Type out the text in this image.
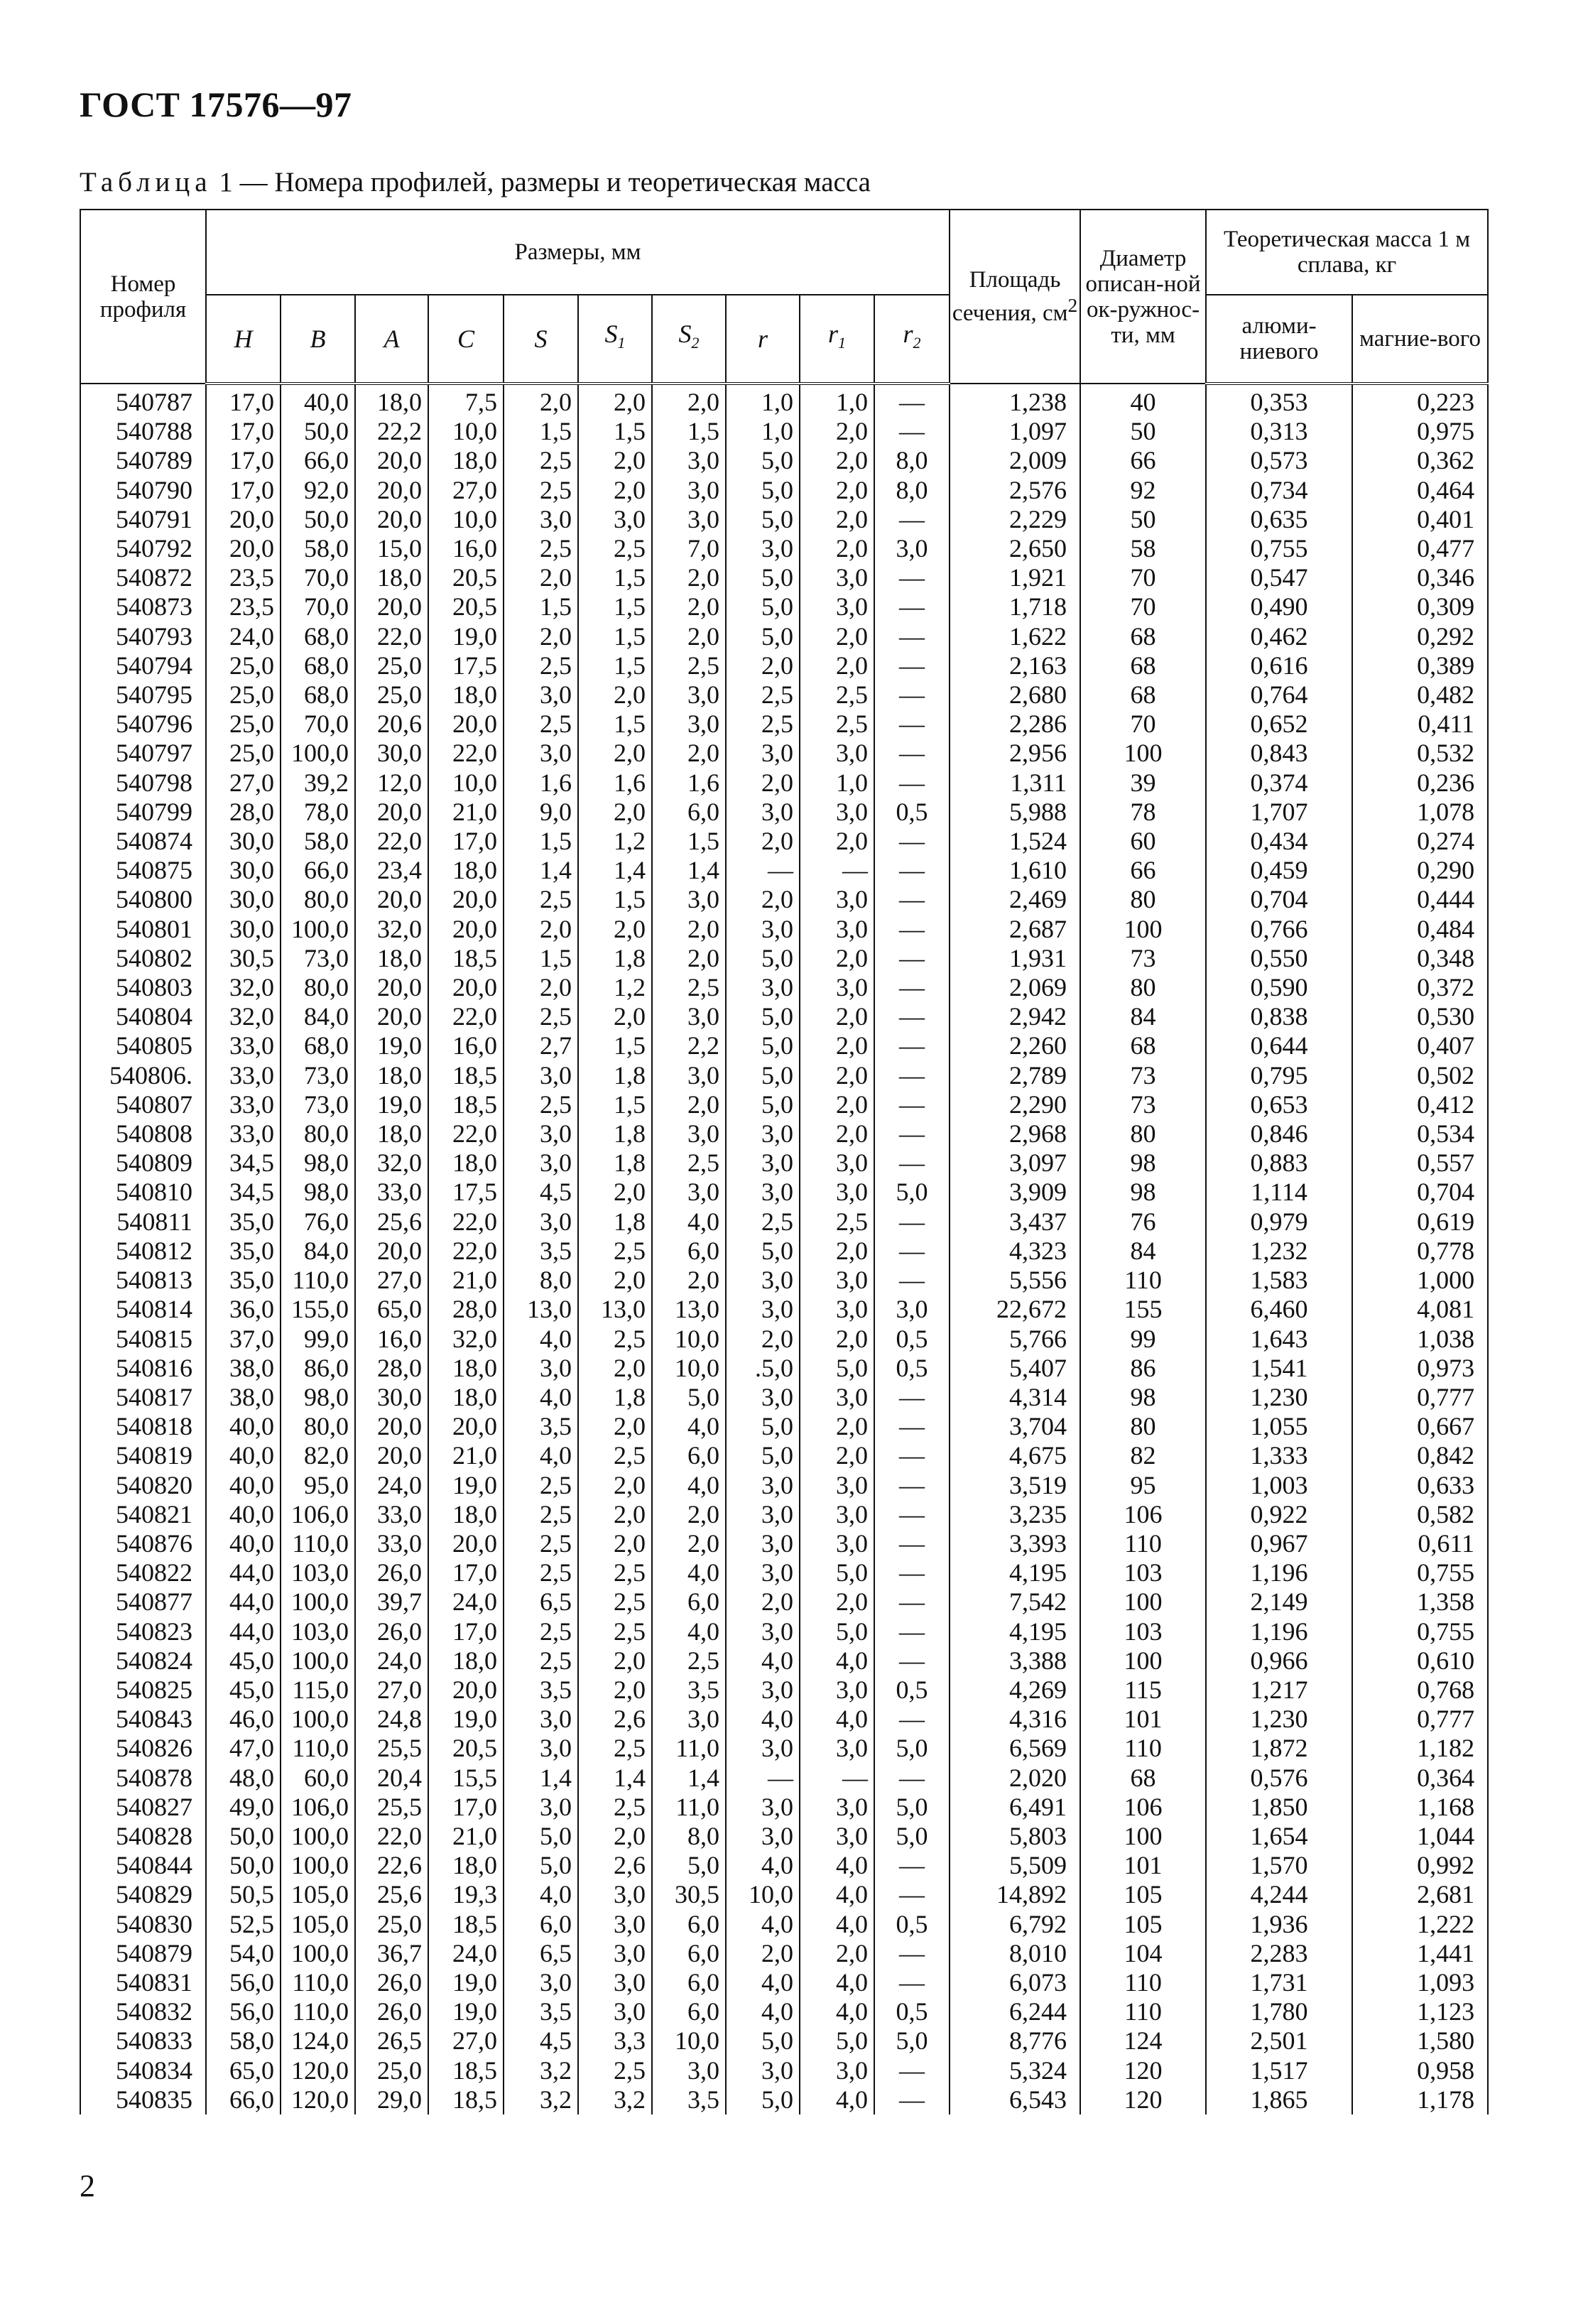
ГОСТ 17576—97
Таблица 1 — Номера профилей, размеры и теоретическая масса
Номер профиля	Размеры, мм										Площадь сечения, $см^2$	Диаметр описан-ной ок-ружнос-ти, мм	Теоретическая масса 1 м сплава, кг	
	H	B	A	C	S	$S_1$	$S_2$	r	$r_1$	$r_2$			алюми-ниевого	магние-вого
540787	17,0	40,0	18,0	7,5	2,0	2,0	2,0	1,0	1,0	—	1,238	40	0,353	0,223
540788	17,0	50,0	22,2	10,0	1,5	1,5	1,5	1,0	2,0	—	1,097	50	0,313	0,975
540789	17,0	66,0	20,0	18,0	2,5	2,0	3,0	5,0	2,0	8,0	2,009	66	0,573	0,362
540790	17,0	92,0	20,0	27,0	2,5	2,0	3,0	5,0	2,0	8,0	2,576	92	0,734	0,464
540791	20,0	50,0	20,0	10,0	3,0	3,0	3,0	5,0	2,0	—	2,229	50	0,635	0,401
540792	20,0	58,0	15,0	16,0	2,5	2,5	7,0	3,0	2,0	3,0	2,650	58	0,755	0,477
540872	23,5	70,0	18,0	20,5	2,0	1,5	2,0	5,0	3,0	—	1,921	70	0,547	0,346
540873	23,5	70,0	20,0	20,5	1,5	1,5	2,0	5,0	3,0	—	1,718	70	0,490	0,309
540793	24,0	68,0	22,0	19,0	2,0	1,5	2,0	5,0	2,0	—	1,622	68	0,462	0,292
540794	25,0	68,0	25,0	17,5	2,5	1,5	2,5	2,0	2,0	—	2,163	68	0,616	0,389
540795	25,0	68,0	25,0	18,0	3,0	2,0	3,0	2,5	2,5	—	2,680	68	0,764	0,482
540796	25,0	70,0	20,6	20,0	2,5	1,5	3,0	2,5	2,5	—	2,286	70	0,652	0,411
540797	25,0	100,0	30,0	22,0	3,0	2,0	2,0	3,0	3,0	—	2,956	100	0,843	0,532
540798	27,0	39,2	12,0	10,0	1,6	1,6	1,6	2,0	1,0	—	1,311	39	0,374	0,236
540799	28,0	78,0	20,0	21,0	9,0	2,0	6,0	3,0	3,0	0,5	5,988	78	1,707	1,078
540874	30,0	58,0	22,0	17,0	1,5	1,2	1,5	2,0	2,0	—	1,524	60	0,434	0,274
540875	30,0	66,0	23,4	18,0	1,4	1,4	1,4	—	—	—	1,610	66	0,459	0,290
540800	30,0	80,0	20,0	20,0	2,5	1,5	3,0	2,0	3,0	—	2,469	80	0,704	0,444
540801	30,0	100,0	32,0	20,0	2,0	2,0	2,0	3,0	3,0	—	2,687	100	0,766	0,484
540802	30,5	73,0	18,0	18,5	1,5	1,8	2,0	5,0	2,0	—	1,931	73	0,550	0,348
540803	32,0	80,0	20,0	20,0	2,0	1,2	2,5	3,0	3,0	—	2,069	80	0,590	0,372
540804	32,0	84,0	20,0	22,0	2,5	2,0	3,0	5,0	2,0	—	2,942	84	0,838	0,530
540805	33,0	68,0	19,0	16,0	2,7	1,5	2,2	5,0	2,0	—	2,260	68	0,644	0,407
540806.	33,0	73,0	18,0	18,5	3,0	1,8	3,0	5,0	2,0	—	2,789	73	0,795	0,502
540807	33,0	73,0	19,0	18,5	2,5	1,5	2,0	5,0	2,0	—	2,290	73	0,653	0,412
540808	33,0	80,0	18,0	22,0	3,0	1,8	3,0	3,0	2,0	—	2,968	80	0,846	0,534
540809	34,5	98,0	32,0	18,0	3,0	1,8	2,5	3,0	3,0	—	3,097	98	0,883	0,557
540810	34,5	98,0	33,0	17,5	4,5	2,0	3,0	3,0	3,0	5,0	3,909	98	1,114	0,704
540811	35,0	76,0	25,6	22,0	3,0	1,8	4,0	2,5	2,5	—	3,437	76	0,979	0,619
540812	35,0	84,0	20,0	22,0	3,5	2,5	6,0	5,0	2,0	—	4,323	84	1,232	0,778
540813	35,0	110,0	27,0	21,0	8,0	2,0	2,0	3,0	3,0	—	5,556	110	1,583	1,000
540814	36,0	155,0	65,0	28,0	13,0	13,0	13,0	3,0	3,0	3,0	22,672	155	6,460	4,081
540815	37,0	99,0	16,0	32,0	4,0	2,5	10,0	2,0	2,0	0,5	5,766	99	1,643	1,038
540816	38,0	86,0	28,0	18,0	3,0	2,0	10,0	.5,0	5,0	0,5	5,407	86	1,541	0,973
540817	38,0	98,0	30,0	18,0	4,0	1,8	5,0	3,0	3,0	—	4,314	98	1,230	0,777
540818	40,0	80,0	20,0	20,0	3,5	2,0	4,0	5,0	2,0	—	3,704	80	1,055	0,667
540819	40,0	82,0	20,0	21,0	4,0	2,5	6,0	5,0	2,0	—	4,675	82	1,333	0,842
540820	40,0	95,0	24,0	19,0	2,5	2,0	4,0	3,0	3,0	—	3,519	95	1,003	0,633
540821	40,0	106,0	33,0	18,0	2,5	2,0	2,0	3,0	3,0	—	3,235	106	0,922	0,582
540876	40,0	110,0	33,0	20,0	2,5	2,0	2,0	3,0	3,0	—	3,393	110	0,967	0,611
540822	44,0	103,0	26,0	17,0	2,5	2,5	4,0	3,0	5,0	—	4,195	103	1,196	0,755
540877	44,0	100,0	39,7	24,0	6,5	2,5	6,0	2,0	2,0	—	7,542	100	2,149	1,358
540823	44,0	103,0	26,0	17,0	2,5	2,5	4,0	3,0	5,0	—	4,195	103	1,196	0,755
540824	45,0	100,0	24,0	18,0	2,5	2,0	2,5	4,0	4,0	—	3,388	100	0,966	0,610
540825	45,0	115,0	27,0	20,0	3,5	2,0	3,5	3,0	3,0	0,5	4,269	115	1,217	0,768
540843	46,0	100,0	24,8	19,0	3,0	2,6	3,0	4,0	4,0	—	4,316	101	1,230	0,777
540826	47,0	110,0	25,5	20,5	3,0	2,5	11,0	3,0	3,0	5,0	6,569	110	1,872	1,182
540878	48,0	60,0	20,4	15,5	1,4	1,4	1,4	—	—	—	2,020	68	0,576	0,364
540827	49,0	106,0	25,5	17,0	3,0	2,5	11,0	3,0	3,0	5,0	6,491	106	1,850	1,168
540828	50,0	100,0	22,0	21,0	5,0	2,0	8,0	3,0	3,0	5,0	5,803	100	1,654	1,044
540844	50,0	100,0	22,6	18,0	5,0	2,6	5,0	4,0	4,0	—	5,509	101	1,570	0,992
540829	50,5	105,0	25,6	19,3	4,0	3,0	30,5	10,0	4,0	—	14,892	105	4,244	2,681
540830	52,5	105,0	25,0	18,5	6,0	3,0	6,0	4,0	4,0	0,5	6,792	105	1,936	1,222
540879	54,0	100,0	36,7	24,0	6,5	3,0	6,0	2,0	2,0	—	8,010	104	2,283	1,441
540831	56,0	110,0	26,0	19,0	3,0	3,0	6,0	4,0	4,0	—	6,073	110	1,731	1,093
540832	56,0	110,0	26,0	19,0	3,5	3,0	6,0	4,0	4,0	0,5	6,244	110	1,780	1,123
540833	58,0	124,0	26,5	27,0	4,5	3,3	10,0	5,0	5,0	5,0	8,776	124	2,501	1,580
540834	65,0	120,0	25,0	18,5	3,2	2,5	3,0	3,0	3,0	—	5,324	120	1,517	0,958
540835	66,0	120,0	29,0	18,5	3,2	3,2	3,5	5,0	4,0	—	6,543	120	1,865	1,178
2
